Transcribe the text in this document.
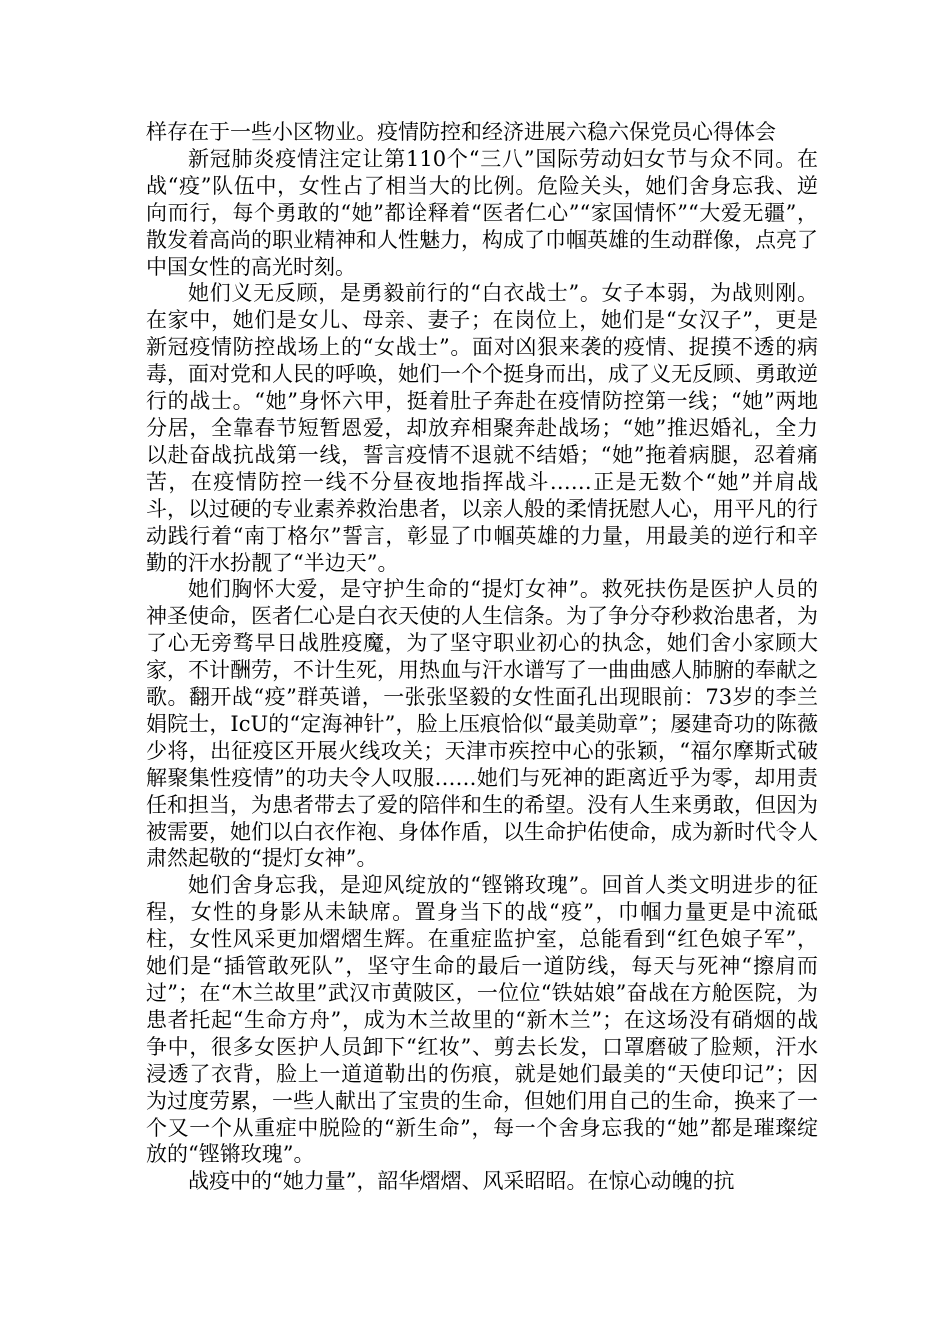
样存在于一些小区物业。疫情防控和经济进展六稳六保党员心得体会

新冠肺炎疫情注定让第110个“三八”国际劳动妇女节与众不同。在战“疫”队伍中，女性占了相当大的比例。危险关头，她们舍身忘我、逆向而行，每个勇敢的“她”都诠释着“医者仁心”“家国情怀”“大爱无疆”，散发着高尚的职业精神和人性魅力，构成了巾帼英雄的生动群像，点亮了中国女性的高光时刻。

她们义无反顾，是勇毅前行的“白衣战士”。女子本弱，为战则刚。在家中，她们是女儿、母亲、妻子；在岗位上，她们是“女汉子”，更是新冠疫情防控战场上的“女战士”。面对凶狠来袭的疫情、捉摸不透的病毒，面对党和人民的呼唤，她们一个个挺身而出，成了义无反顾、勇敢逆行的战士。“她”身怀六甲，挺着肚子奔赴在疫情防控第一线；“她”两地分居，全靠春节短暂恩爱，却放弃相聚奔赴战场；“她”推迟婚礼，全力以赴奋战抗战第一线，誓言疫情不退就不结婚；“她”拖着病腿，忍着痛苦，在疫情防控一线不分昼夜地指挥战斗……正是无数个“她”并肩战斗，以过硬的专业素养救治患者，以亲人般的柔情抚慰人心，用平凡的行动践行着“南丁格尔”誓言，彰显了巾帼英雄的力量，用最美的逆行和辛勤的汗水扮靓了“半边天”。

她们胸怀大爱，是守护生命的“提灯女神”。救死扶伤是医护人员的神圣使命，医者仁心是白衣天使的人生信条。为了争分夺秒救治患者，为了心无旁骛早日战胜疫魔，为了坚守职业初心的执念，她们舍小家顾大家，不计酬劳，不计生死，用热血与汗水谱写了一曲曲感人肺腑的奉献之歌。翻开战“疫”群英谱，一张张坚毅的女性面孔出现眼前：73岁的李兰娟院士，IcU的“定海神针”，脸上压痕恰似“最美勋章”；屡建奇功的陈薇少将，出征疫区开展火线攻关；天津市疾控中心的张颖，“福尔摩斯式破解聚集性疫情”的功夫令人叹服……她们与死神的距离近乎为零，却用责任和担当，为患者带去了爱的陪伴和生的希望。没有人生来勇敢，但因为被需要，她们以白衣作袍、身体作盾，以生命护佑使命，成为新时代令人肃然起敬的“提灯女神”。

她们舍身忘我，是迎风绽放的“铿锵玫瑰”。回首人类文明进步的征程，女性的身影从未缺席。置身当下的战“疫”，巾帼力量更是中流砥柱，女性风采更加熠熠生辉。在重症监护室，总能看到“红色娘子军”，她们是“插管敢死队”，坚守生命的最后一道防线，每天与死神“擦肩而过”；在“木兰故里”武汉市黄陂区，一位位“铁姑娘”奋战在方舱医院，为患者托起“生命方舟”，成为木兰故里的“新木兰”；在这场没有硝烟的战争中，很多女医护人员卸下“红妆”、剪去长发，口罩磨破了脸颊，汗水浸透了衣背，脸上一道道勒出的伤痕，就是她们最美的“天使印记”；因为过度劳累，一些人献出了宝贵的生命，但她们用自己的生命，换来了一个又一个从重症中脱险的“新生命”，每一个舍身忘我的“她”都是璀璨绽放的“铿锵玫瑰”。

战疫中的“她力量”，韶华熠熠、风采昭昭。在惊心动魄的抗
